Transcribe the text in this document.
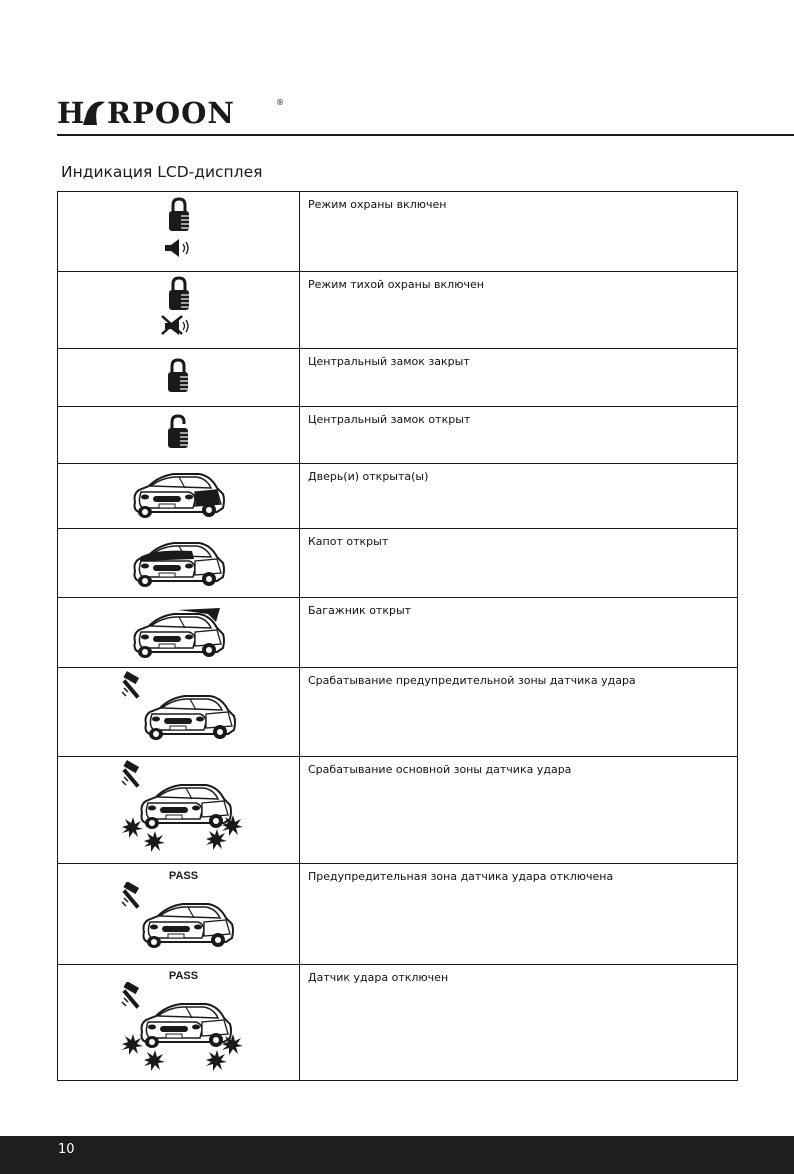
H RPOON	®
Индикация LCD-дисплея
	Режим охраны включен
	Режим тихой охраны включен
	Центральный замок закрыт
	Центральный замок открыт
	Дверь(и) открыта(ы)
	Капот открыт
	Багажник открыт
	Срабатывание предупредительной зоны датчика удара
	Срабатывание основной зоны датчика удара

PASS	Предупредительная зона датчика удара отключена

PASS	Датчик удара отключен
10
